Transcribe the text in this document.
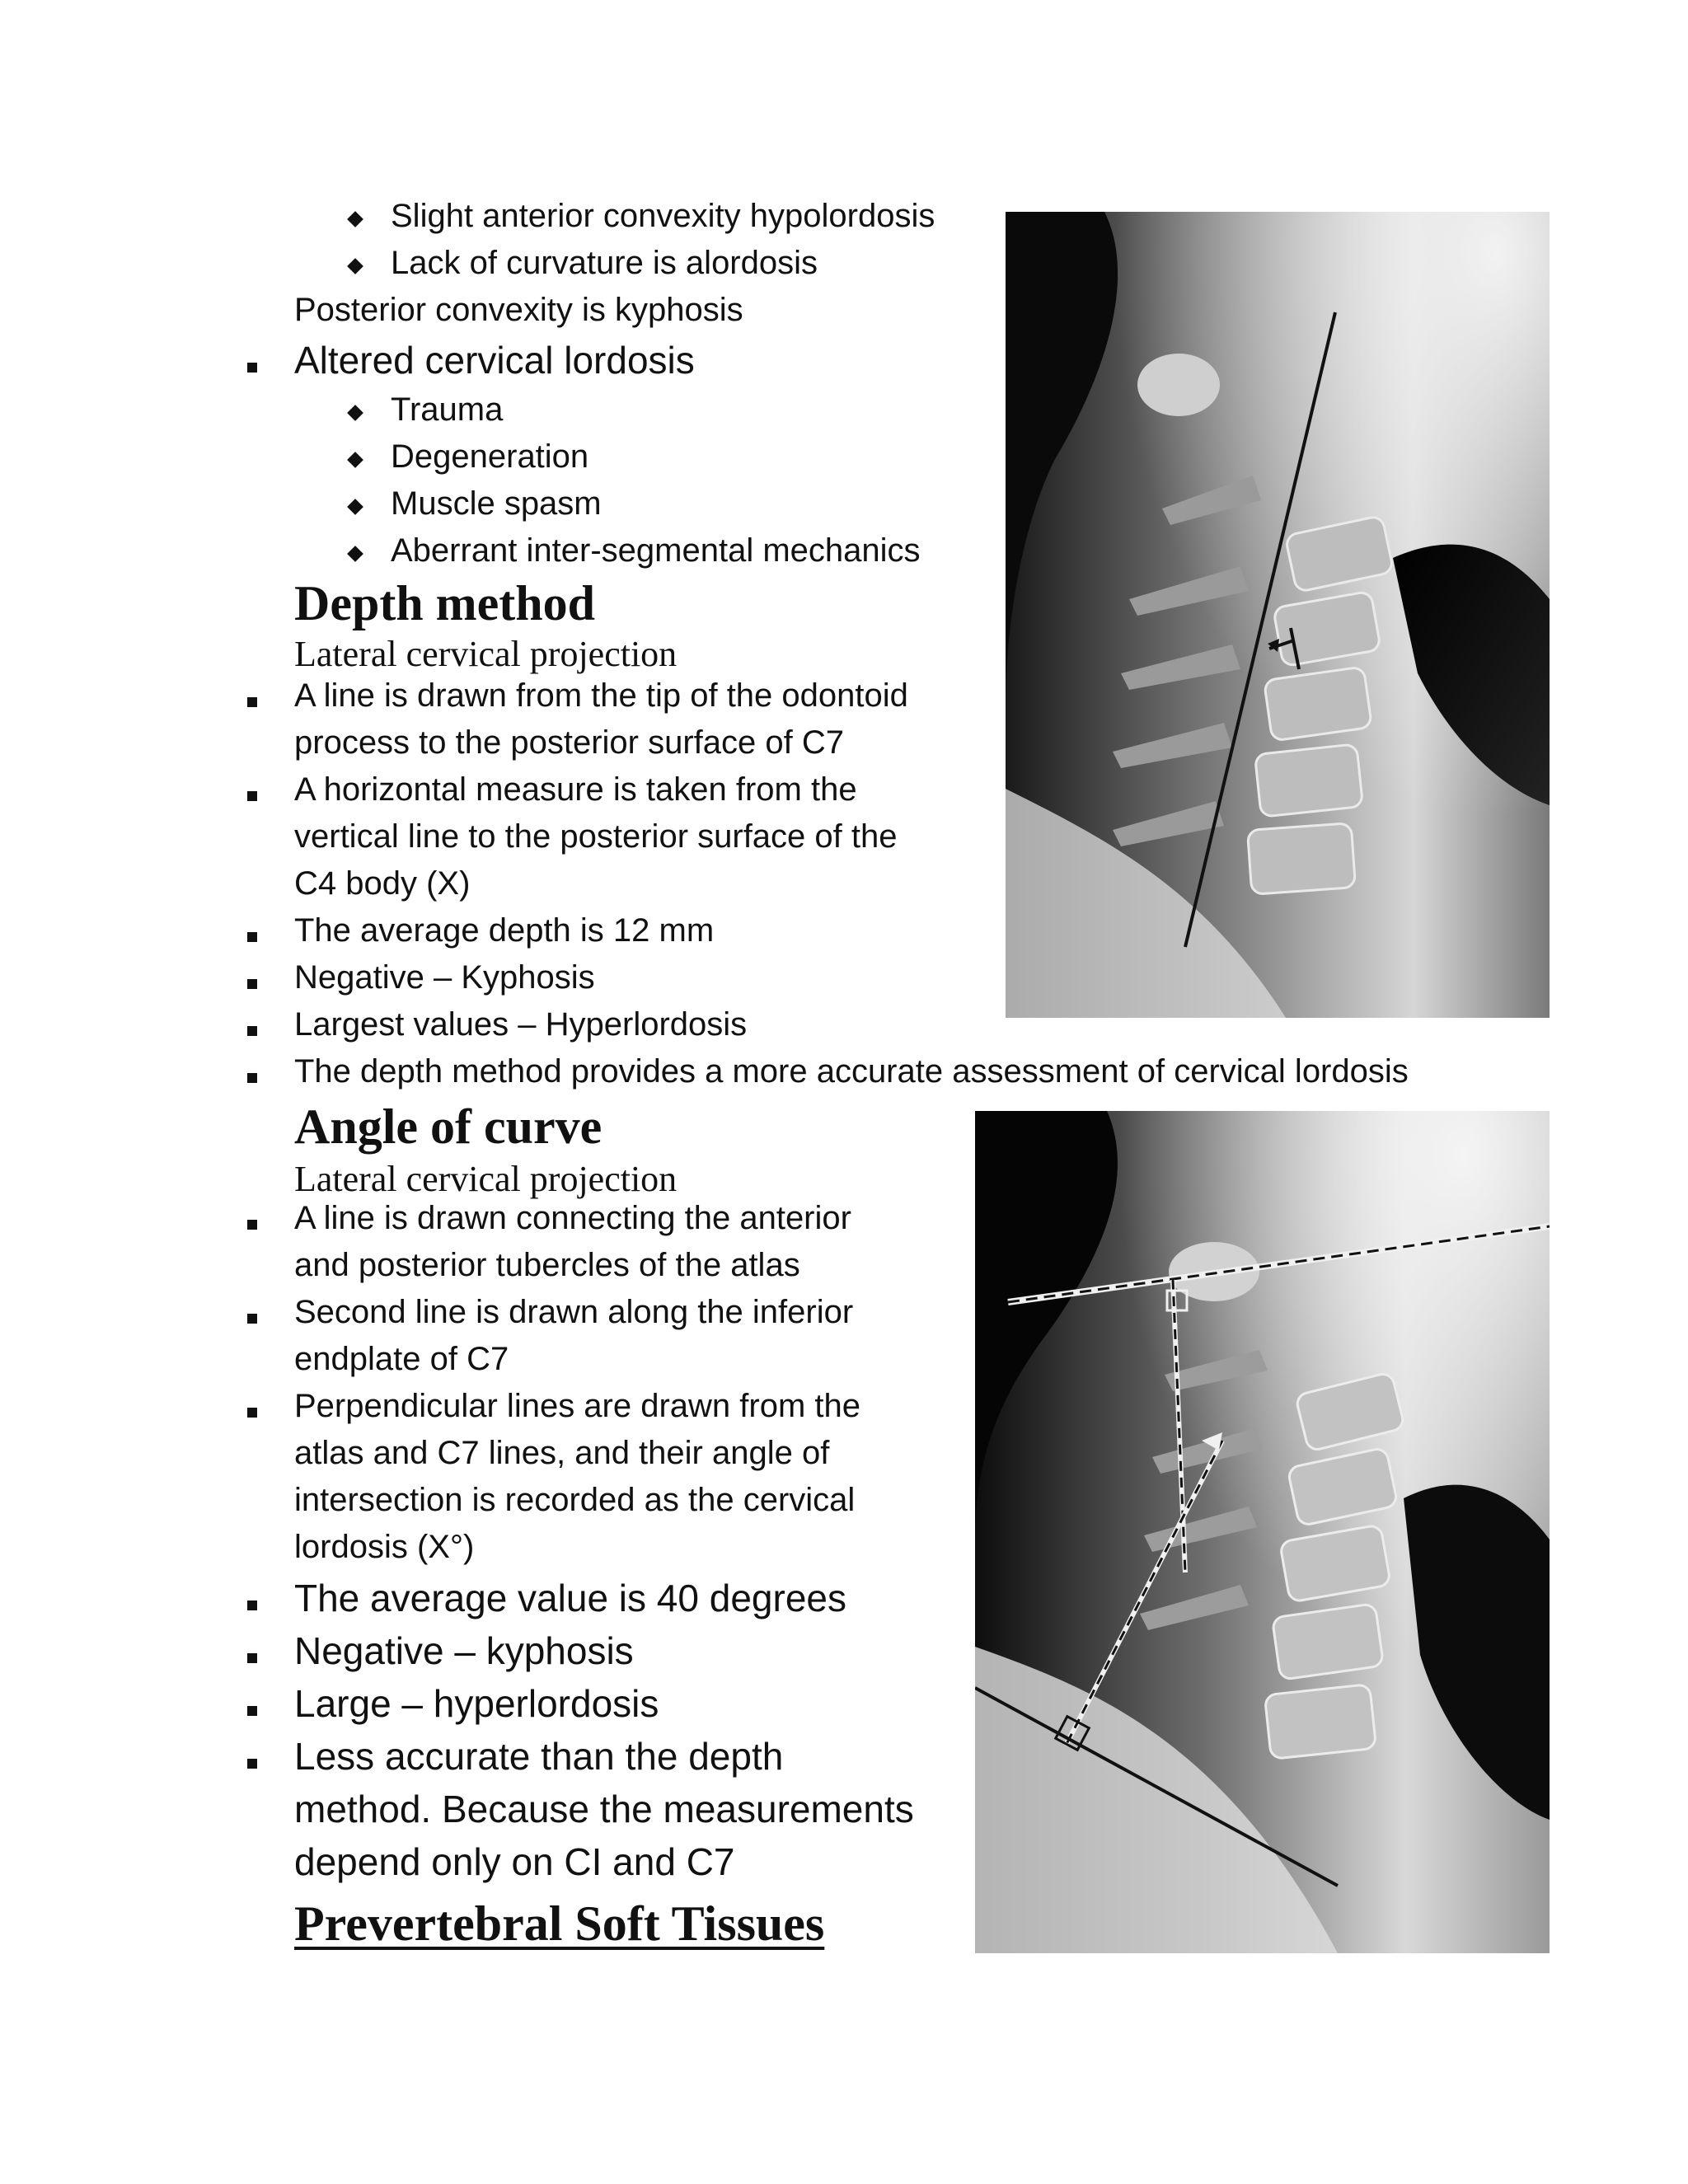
Slight anterior convexity hypolordosis
Lack of curvature is alordosis
Posterior convexity is kyphosis
Altered cervical lordosis
Trauma
Degeneration
Muscle spasm
Aberrant inter-segmental mechanics
Depth method
Lateral cervical projection
A line is drawn from the tip of the odontoid
process to the posterior surface of C7
A horizontal measure is taken from the
vertical line to the posterior surface of the
C4 body (X)
The average depth is 12 mm
Negative – Kyphosis
Largest values – Hyperlordosis
The depth method provides a more accurate assessment of cervical lordosis
Angle of curve
Lateral cervical projection
A line is drawn connecting the anterior
and posterior tubercles of the atlas
Second line is drawn along the inferior
endplate of C7
Perpendicular lines are drawn from the
atlas and C7 lines, and their angle of
intersection is recorded as the cervical
lordosis (X°)
The average value is 40 degrees
Negative – kyphosis
Large – hyperlordosis
Less accurate than the depth
method. Because the measurements
depend only on CI and C7
Prevertebral Soft Tissues
